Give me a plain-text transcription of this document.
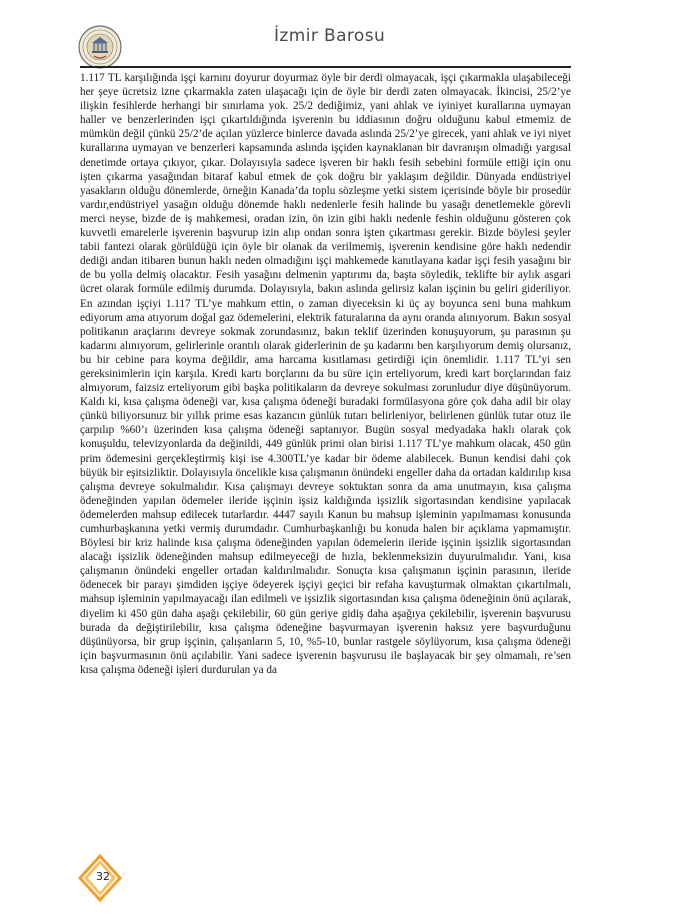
İzmir Barosu

1.117 TL karşılığında işçi karnını doyurur doyurmaz öyle bir derdi olmayacak, işçi çıkarmakla ulaşabileceği her şeye ücretsiz izne çıkarmakla zaten ulaşacağı için de öyle bir derdi zaten olmayacak. İkincisi, 25/2’ye ilişkin fesihlerde herhangi bir sınırlama yok. 25/2 dediğimiz, yani ahlak ve iyiniyet kurallarına uymayan haller ve benzerlerinden işçi çıkartıldığında işverenin bu iddiasının doğru olduğunu kabul etmemiz de mümkün değil çünkü 25/2’de açılan yüzlerce binlerce davada aslında 25/2’ye girecek, yani ahlak ve iyi niyet kurallarına uymayan ve benzerleri kapsamında aslında işçiden kaynaklanan bir davranışın olmadığı yargısal denetimde ortaya çıkıyor, çıkar. Dolayısıyla sadece işveren bir haklı fesih sebebini formüle ettiği için onu işten çıkarma yasağından bitaraf kabul etmek de çok doğru bir yaklaşım değildir. Dünyada endüstriyel yasakların olduğu dönemlerde, örneğin Kanada’da toplu sözleşme yetki sistem içerisinde böyle bir prosedür vardır,endüstriyel yasağın olduğu dönemde haklı nedenlerle fesih halinde bu yasağı denetlemekle görevli merci neyse, bizde de iş mahkemesi, oradan izin, ön izin gibi haklı nedenle feshin olduğunu gösteren çok kuvvetli emarelerle işverenin başvurup izin alıp ondan sonra işten çıkartması gerekir. Bizde böylesi şeyler tabii fantezi olarak görüldüğü için öyle bir olanak da verilmemiş, işverenin kendisine göre haklı nedendir dediği andan itibaren bunun haklı neden olmadığını işçi mahkemede kanıtlayana kadar işçi fesih yasağını bir de bu yolla delmiş olacaktır. Fesih yasağını delmenin yaptırımı da, başta söyledik, teklifte bir aylık asgari ücret olarak formüle edilmiş durumda. Dolayısıyla, bakın aslında gelirsiz kalan işçinin bu geliri gideriliyor. En azından işçiyi 1.117 TL’ye mahkum ettin, o zaman diyeceksin ki üç ay boyunca seni buna mahkum ediyorum ama atıyorum doğal gaz ödemelerini, elektrik faturalarına da aynı oranda alınıyorum. Bakın sosyal politikanın araçlarını devreye sokmak zorundasınız, bakın teklif üzerinden konuşuyorum, şu parasının şu kadarını alınıyorum, gelirlerinle orantılı olarak giderlerinin de şu kadarını ben karşılıyorum demiş olursanız, bu bir cebine para koyma değildir, ama harcama kısıtlaması getirdiği için önemlidir. 1.117 TL’yi sen gereksinimlerin için karşıla. Kredi kartı borçlarını da bu süre için erteliyorum, kredi kart borçlarından faiz almıyorum, faizsiz erteliyorum gibi başka politikaların da devreye sokulması zorunludur diye düşünüyorum. Kaldı ki, kısa çalışma ödeneği var, kısa çalışma ödeneği buradaki formülasyona göre çok daha adil bir olay çünkü biliyorsunuz bir yıllık prime esas kazancın günlük tutarı belirleniyor, belirlenen günlük tutar otuz ile çarpılıp %60’ı üzerinden kısa çalışma ödeneği saptanıyor. Bugün sosyal medyadaka haklı olarak çok konuşuldu, televizyonlarda da değinildi, 449 günlük primi olan birisi 1.117 TL’ye mahkum olacak, 450 gün prim ödemesini gerçekleştirmiş kişi ise 4.300TL’ye kadar bir ödeme alabilecek. Bunun kendisi dahi çok büyük bir eşitsizliktir. Dolayısıyla öncelikle kısa çalışmanın önündeki engeller daha da ortadan kaldırılıp kısa çalışma devreye sokulmalıdır. Kısa çalışmayı devreye soktuktan sonra da ama unutmayın, kısa çalışma ödeneğinden yapılan ödemeler ileride işçinin işsiz kaldığında işsizlik sigortasından kendisine yapılacak ödemelerden mahsup edilecek tutarlardır. 4447 sayılı Kanun bu mahsup işleminin yapılmaması konusunda cumhurbaşkanına yetki vermiş durumdadır. Cumhurbaşkanlığı bu konuda halen bir açıklama yapmamıştır. Böylesi bir kriz halinde kısa çalışma ödeneğinden yapılan ödemelerin ileride işçinin işsizlik sigortasından alacağı işsizlik ödeneğinden mahsup edilmeyeceği de hızla, beklenmeksizin duyurulmalıdır. Yani, kısa çalışmanın önündeki engeller ortadan kaldırılmalıdır. Sonuçta kısa çalışmanın işçinin parasının, ileride ödenecek bir parayı şimdiden işçiye ödeyerek işçiyi geçici bir refaha kavuşturmak olmaktan çıkartılmalı, mahsup işleminin yapılmayacağı ilan edilmeli ve işsizlik sigortasından kısa çalışma ödeneğinin önü açılarak, diyelim ki 450 gün daha aşağı çekilebilir, 60 gün geriye gidiş daha aşağıya çekilebilir, işverenin başvurusu burada da değiştirilebilir, kısa çalışma ödeneğine başvurmayan işverenin haksız yere başvurduğunu düşünüyorsa, bir grup işçinin, çalışanların 5, 10, %5-10, bunlar rastgele söylüyorum, kısa çalışma ödeneği için başvurmasının önü açılabilir. Yani sadece işverenin başvurusu ile başlayacak bir şey olmamalı, re’sen kısa çalışma ödeneği işleri durdurulan ya da

32
